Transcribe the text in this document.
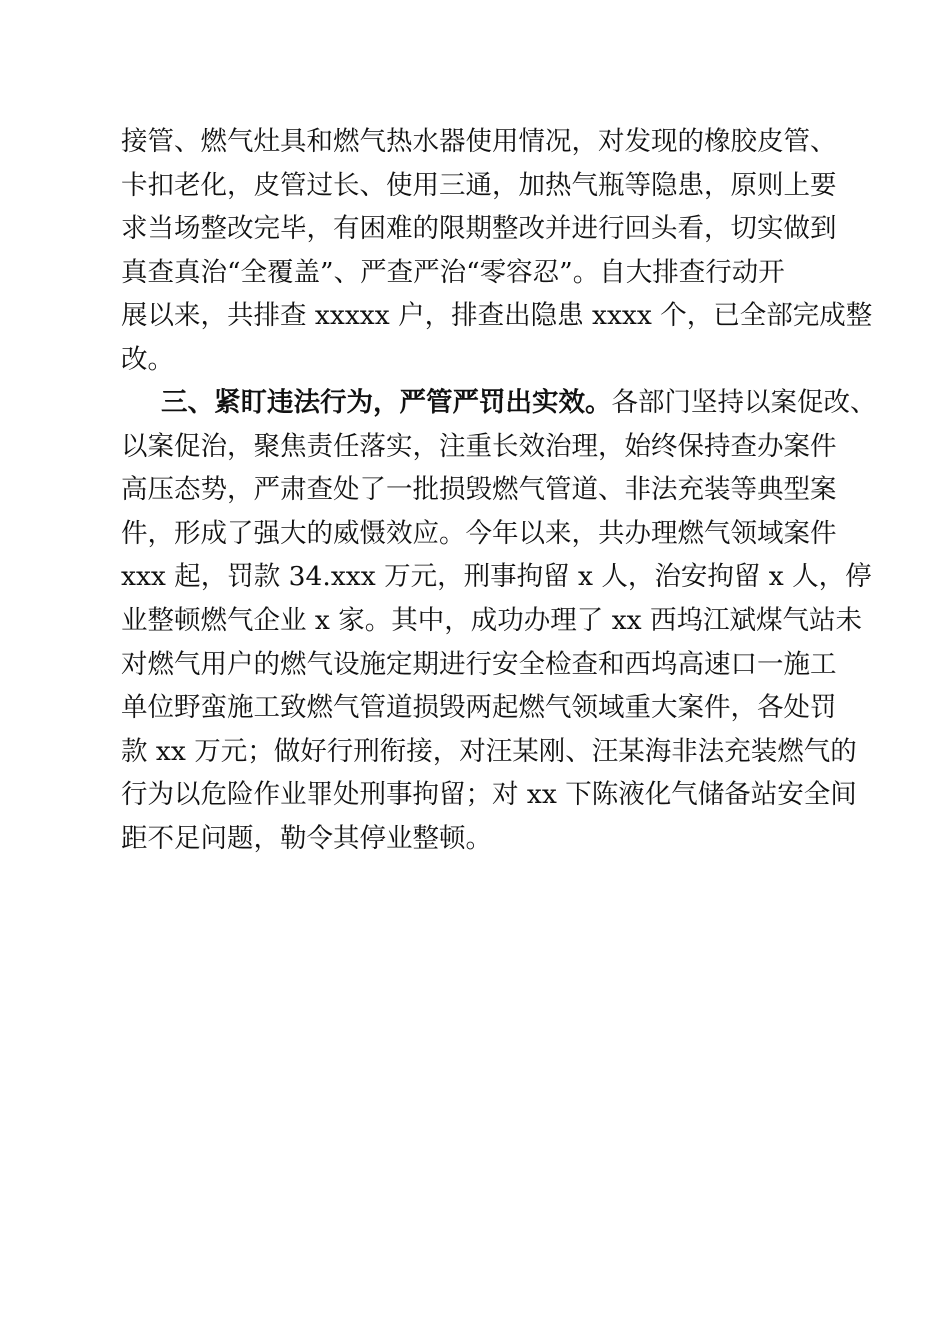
接管、燃气灶具和燃气热水器使用情况，对发现的橡胶皮管、
卡扣老化，皮管过长、使用三通，加热气瓶等隐患，原则上要
求当场整改完毕，有困难的限期整改并进行回头看，切实做到
真查真治“全覆盖”、严查严治“零容忍”。自大排查行动开
展以来，共排查 xxxxx 户，排查出隐患 xxxx 个，已全部完成整
改。
三、紧盯违法行为，严管严罚出实效。各部门坚持以案促改、
以案促治，聚焦责任落实，注重长效治理，始终保持查办案件
高压态势，严肃查处了一批损毁燃气管道、非法充装等典型案
件，形成了强大的威慑效应。今年以来，共办理燃气领域案件
xxx 起，罚款 34.xxx 万元，刑事拘留 x 人，治安拘留 x 人，停
业整顿燃气企业 x 家。其中，成功办理了 xx 西坞江斌煤气站未
对燃气用户的燃气设施定期进行安全检查和西坞高速口一施工
单位野蛮施工致燃气管道损毁两起燃气领域重大案件，各处罚
款 xx 万元；做好行刑衔接，对汪某刚、汪某海非法充装燃气的
行为以危险作业罪处刑事拘留；对 xx 下陈液化气储备站安全间
距不足问题，勒令其停业整顿。
